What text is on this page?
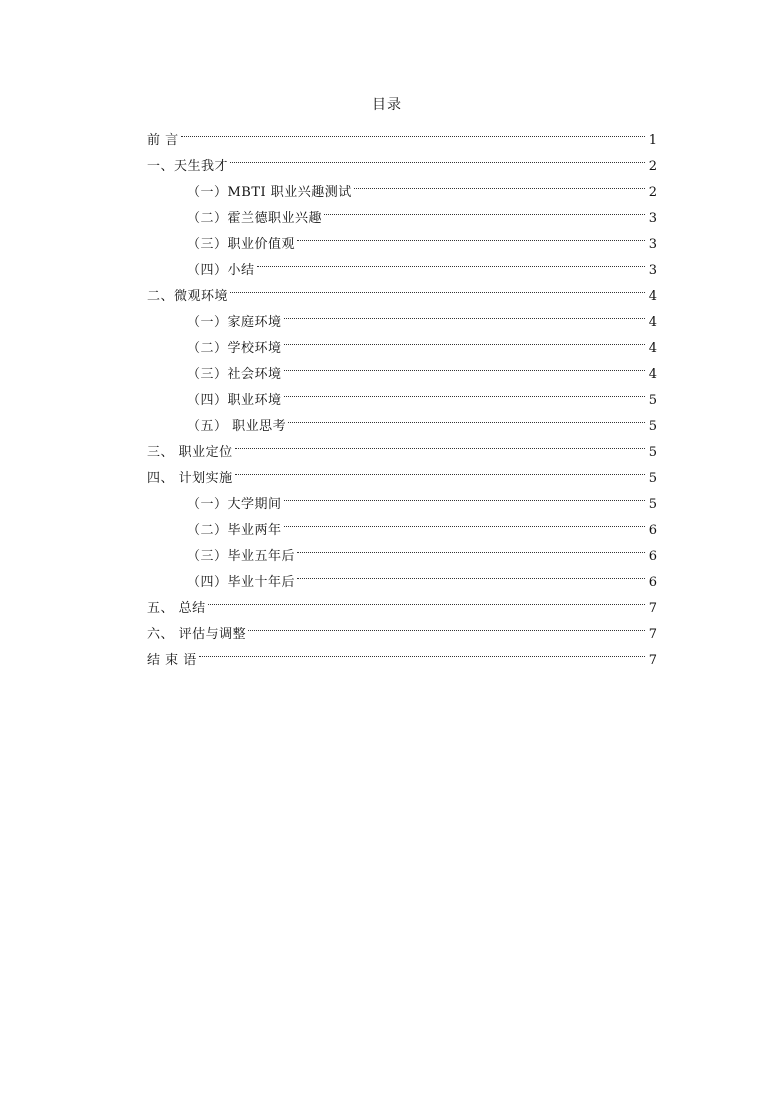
目录
前 言	1
一、天生我才	2
（一）MBTI 职业兴趣测试	2
（二）霍兰德职业兴趣	3
（三）职业价值观	3
（四）小结	3
二、微观环境	4
（一）家庭环境	4
（二）学校环境	4
（三）社会环境	4
（四）职业环境	5
（五） 职业思考	5
三、 职业定位	5
四、 计划实施	5
（一）大学期间	5
（二）毕业两年	6
（三）毕业五年后	6
（四）毕业十年后	6
五、 总结	7
六、 评估与调整	7
结 束 语	7
